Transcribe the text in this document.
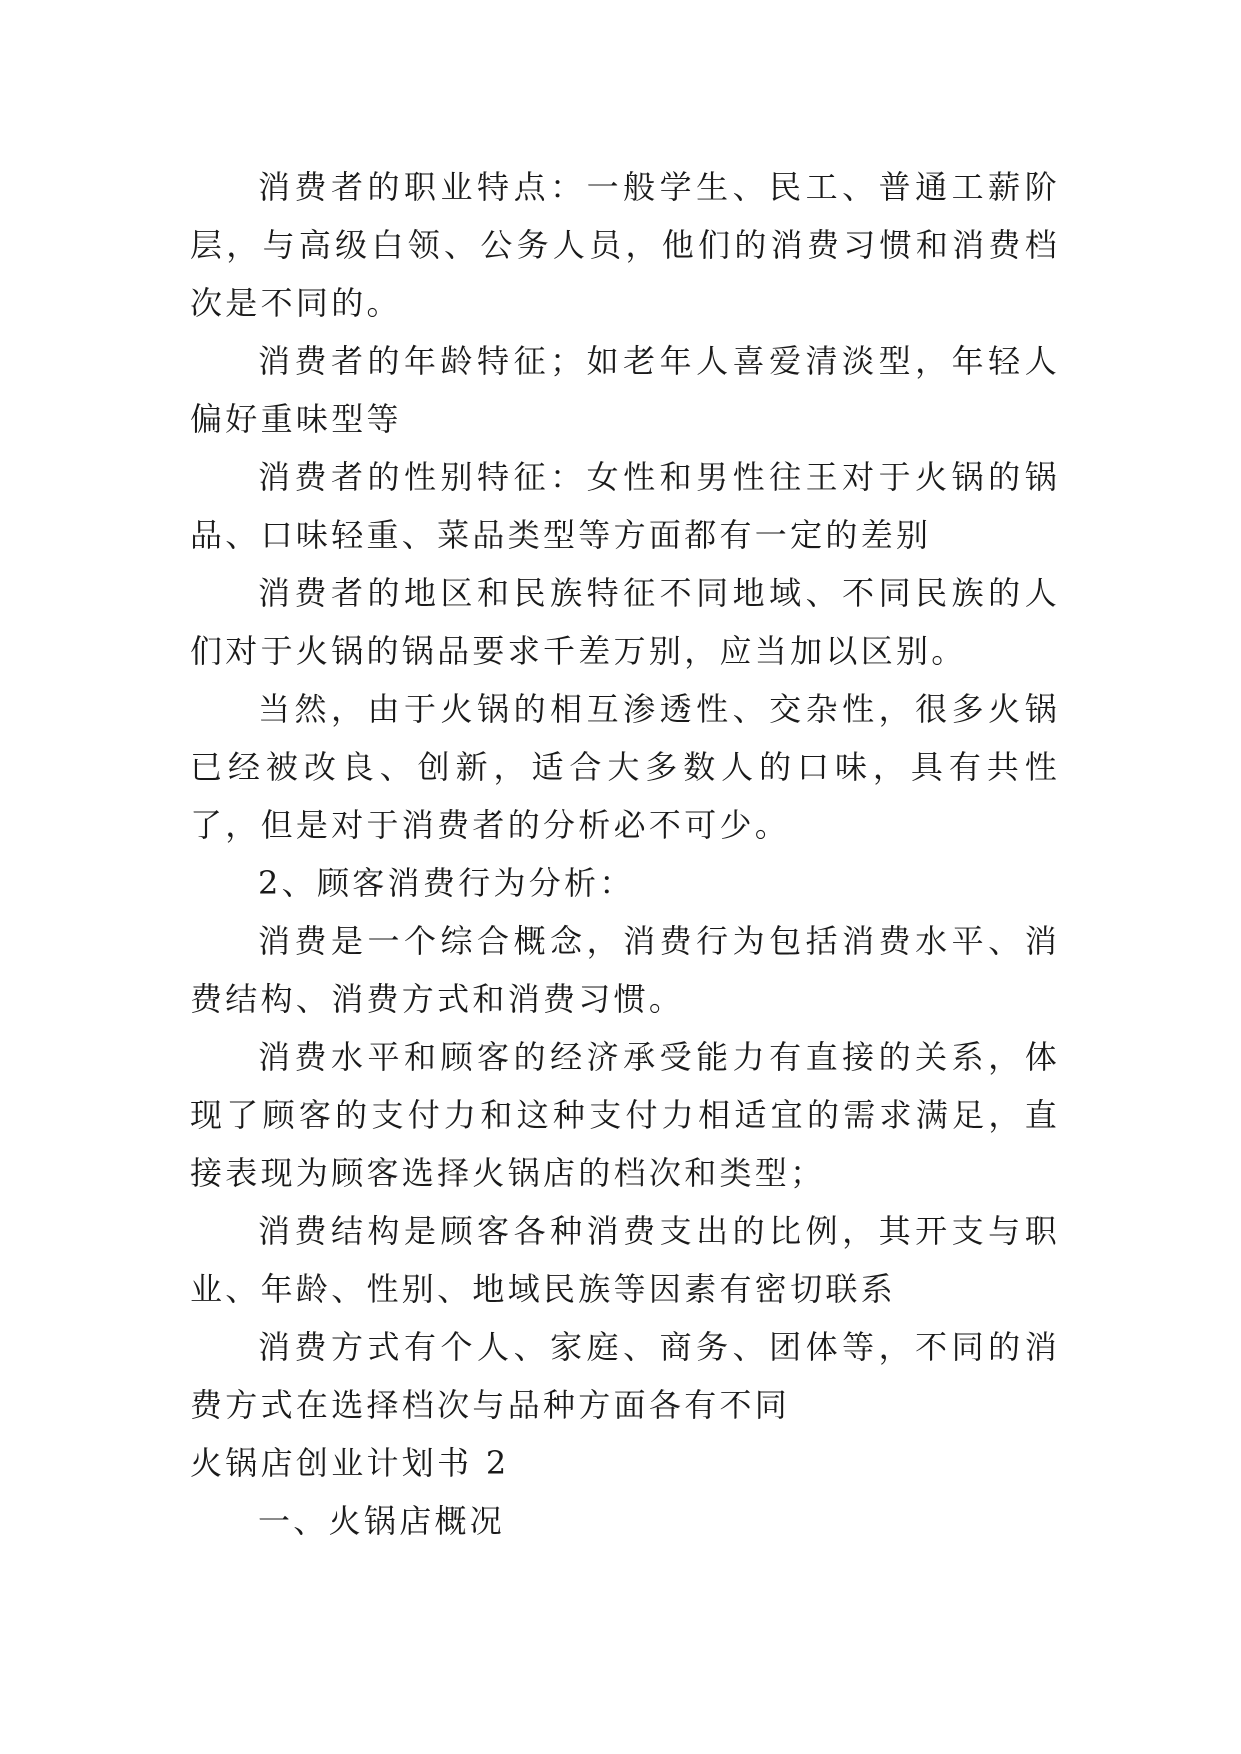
消费者的职业特点：一般学生、民工、普通工薪阶层，与高级白领、公务人员，他们的消费习惯和消费档次是不同的。

消费者的年龄特征；如老年人喜爱清淡型，年轻人偏好重味型等

消费者的性别特征：女性和男性往王对于火锅的锅品、口味轻重、菜品类型等方面都有一定的差别

消费者的地区和民族特征不同地域、不同民族的人们对于火锅的锅品要求千差万别，应当加以区别。

当然，由于火锅的相互渗透性、交杂性，很多火锅已经被改良、创新，适合大多数人的口味，具有共性了，但是对于消费者的分析必不可少。

2、顾客消费行为分析：

消费是一个综合概念，消费行为包括消费水平、消费结构、消费方式和消费习惯。

消费水平和顾客的经济承受能力有直接的关系，体现了顾客的支付力和这种支付力相适宜的需求满足，直接表现为顾客选择火锅店的档次和类型；

消费结构是顾客各种消费支出的比例，其开支与职业、年龄、性别、地域民族等因素有密切联系

消费方式有个人、家庭、商务、团体等，不同的消费方式在选择档次与品种方面各有不同

火锅店创业计划书 2

一、火锅店概况
